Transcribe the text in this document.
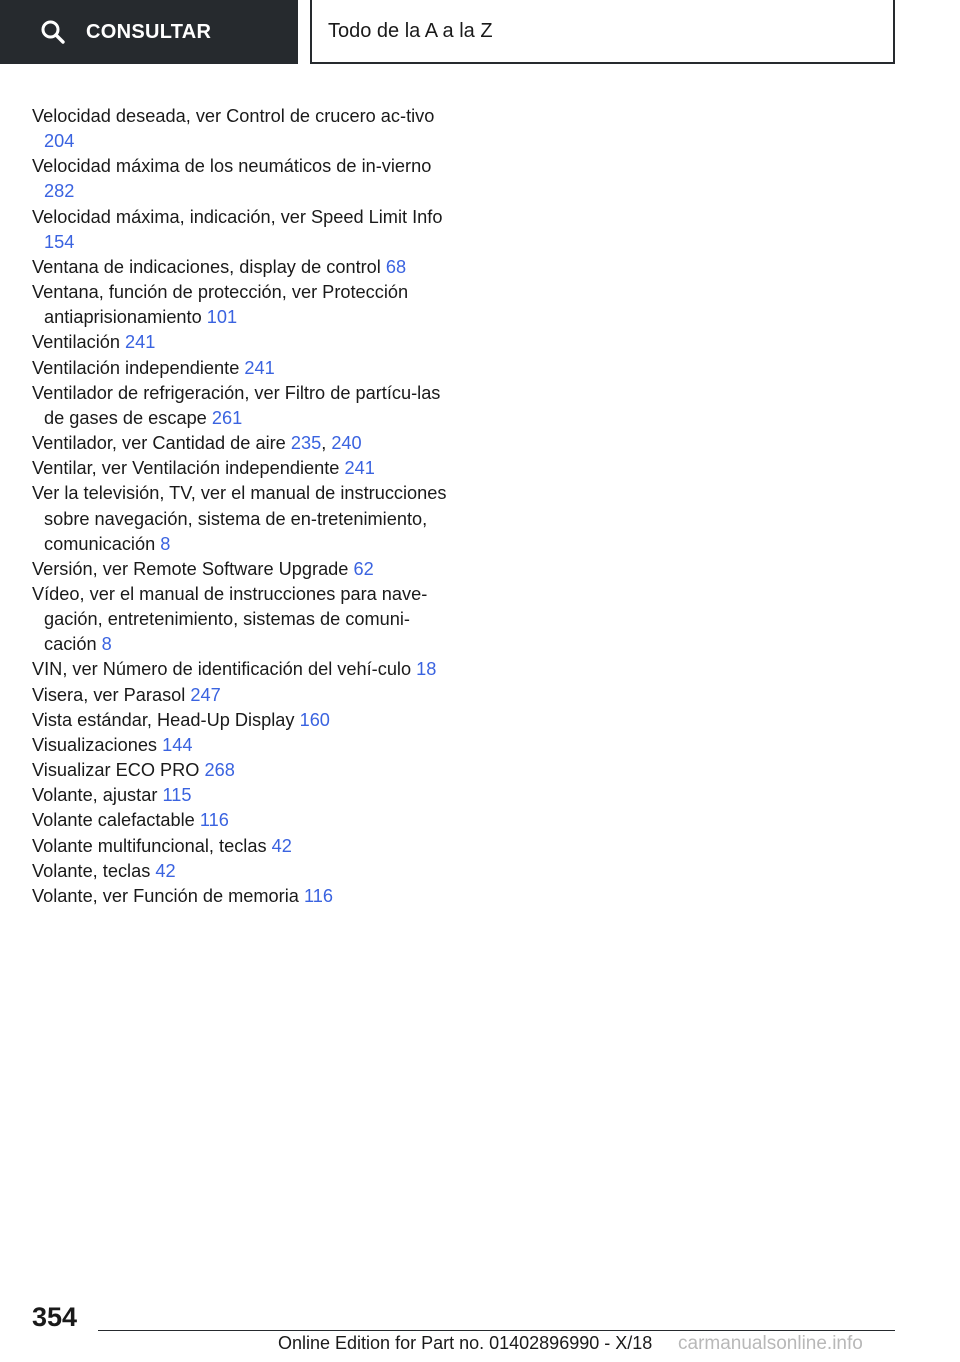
CONSULTAR	Todo de la A a la Z
Velocidad deseada, ver Control de crucero ac-tivo 204
Velocidad máxima de los neumáticos de in-vierno 282
Velocidad máxima, indicación, ver Speed Limit Info 154
Ventana de indicaciones, display de control 68
Ventana, función de protección, ver Protección antiaprisionamiento 101
Ventilación 241
Ventilación independiente 241
Ventilador de refrigeración, ver Filtro de partícu-las de gases de escape 261
Ventilador, ver Cantidad de aire 235, 240
Ventilar, ver Ventilación independiente 241
Ver la televisión, TV, ver el manual de instrucciones sobre navegación, sistema de en-tretenimiento, comunicación 8
Versión, ver Remote Software Upgrade 62
Vídeo, ver el manual de instrucciones para nave-gación, entretenimiento, sistemas de comuni-cación 8
VIN, ver Número de identificación del vehí-culo 18
Visera, ver Parasol 247
Vista estándar, Head-Up Display 160
Visualizaciones 144
Visualizar ECO PRO 268
Volante, ajustar 115
Volante calefactable 116
Volante multifuncional, teclas 42
Volante, teclas 42
Volante, ver Función de memoria 116
354
Online Edition for Part no. 01402896990 - X/18 carmanualsonline.info
